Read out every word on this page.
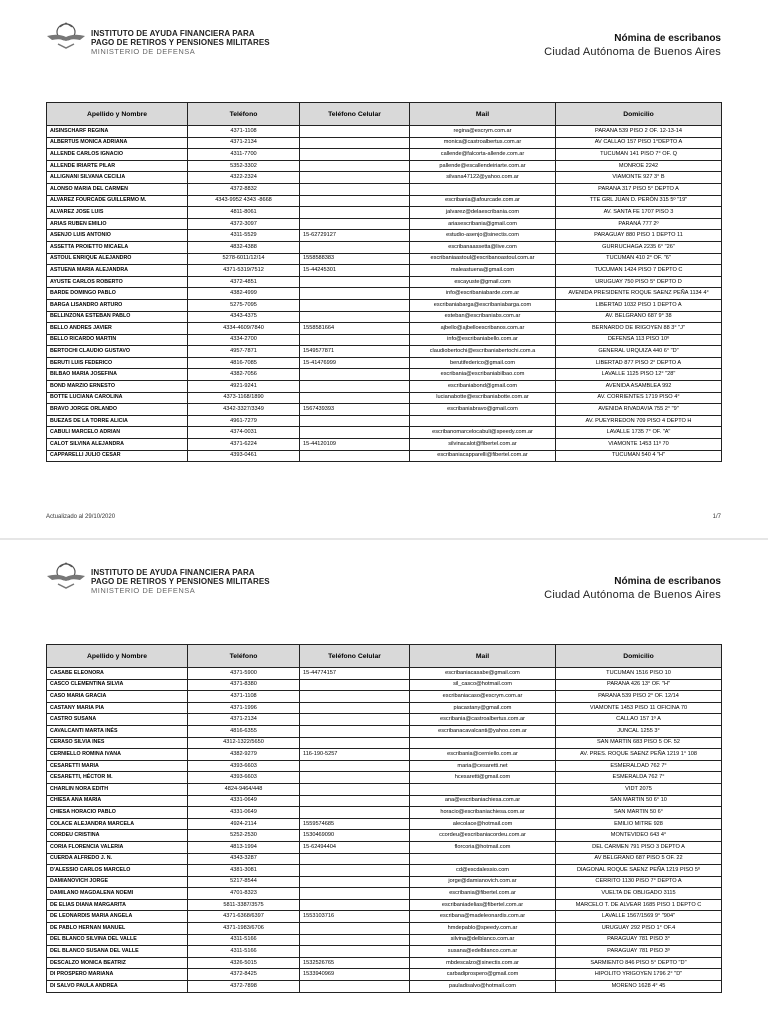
INSTITUTO DE AYUDA FINANCIERA PARA
PAGO DE RETIROS Y PENSIONES MILITARES
MINISTERIO DE DEFENSA
Nómina de escribanos
Ciudad Autónoma de Buenos Aires
Apellido y Nombre	Teléfono	Teléfono Celular	Mail	Domicilio
AISINSCHARF REGINA	4371-1108		regina@escrym.com.ar	PARANA 539 PISO 2 OF. 12-13-14
ALBERTUS MONICA ADRIANA	4371-2134		monica@castroalbertus.com.ar	AV CALLAO 157 PISO 1°DEPTO A
ALLENDE CARLOS IGNACIO	4311-7700		callende@falcorta-allende.com.ar	TUCUMAN 141 PISO 7° OF. Q
ALLENDE IRIARTE PILAR	5352-3302		pallende@escallendeiriarte.com.ar	MONROE 2242
ALLIGNANI SILVANA CECILIA	4322-2324		silvana47122@yahoo.com.ar	VIAMONTE 927 3° B
ALONSO MARIA DEL CARMEN	4372-8832			PARANA 317 PISO 5° DEPTO A
ALVAREZ FOURCADE GUILLERMO M.	4343-9952 4343 -8668		escribania@afourcade.com.ar	TTE GRL JUAN D. PERÓN 315 5º "19"
ALVAREZ JOSE LUIS	4811-8061		jalvarez@delaescribania.com	AV. SANTA FE 1707 PISO 3
ARIAS RUBEN EMILIO	4372-3097		ariasescribania@gmail.com	PARANÁ 777 2º
ASENJO LUIS ANTONIO	4311-5529	15-62729127	estudio-asenjo@sinectis.com	PARAGUAY 880 PISO 1 DEPTO 11
ASSETTA PROIETTO MICAELA	4832-4388		escribanaassetta@live.com	GURRUCHAGA 2235 6° "26"
ASTOUL ENRIQUE ALEJANDRO	5278-6011/12/14	1558588383	escribaniaastoul@escribanoastoul.com.ar	TUCUMAN 410 2° OF. "6"
ASTUENA MARIA ALEJANDRA	4371-5319/7512	15-44245301	maleastuena@gmail.com	TUCUMAN 1424 PISO 7 DEPTO C
AYUSTE CARLOS ROBERTO	4372-4851		escayuste@gmail.com	URUGUAY 750 PISO 5° DEPTO D
BARDE DOMINGO PABLO	4382-4999		info@escribaniabarde.com.ar	AVENIDA PRESIDENTE ROQUE SAENZ PEÑA 1134 4°
BARGA LISANDRO ARTURO	5275-7095		escribaniabarga@escribaniabarga.com	LIBERTAD 1032 PISO 1 DEPTO A
BELLINZONA ESTEBAN PABLO	4343-4375		esteban@escribaniabs.com.ar	AV. BELGRANO 687 9° 38
BELLO ANDRES JAVIER	4334-4609/7840	1558581664	ajbello@ajbelloescribanos.com.ar	BERNARDO DE IRIGOYEN 88 3° "J"
BELLO RICARDO MARTIN	4334-2700		info@escribaniabello.com.ar	DEFENSA 113 PISO 10º
BERTOCHI CLAUDIO GUSTAVO	4957-7871	1549577871	claudiobertochi@escribaniabertochi.com.a	GENERAL URQUIZA 440 6° "D"
BERUTI LUIS FEDERICO	4816-7085	15-41476999	berutifederico@gmail.com	LIBERTAD 877 PISO 2° DEPTO A
BILBAO MARIA JOSEFINA	4382-7056		escribania@escribaniabilbao.com	LAVALLE 1125 PISO 12° "28"
BOND MARZIO ERNESTO	4921-9241		escribaniabond@gmail.com	AVENIDA ASAMBLEA 992
BOTTE LUCIANA CAROLINA	4373-1168/1890		lucianabotte@escribaniabotte.com.ar	AV. CORRIENTES 1719 PISO 4°
BRAVO JORGE ORLANDO	4342-3327/3349	1567439393	escribaniabravo@gmail.com	AVENIDA RIVADAVIA 755 2° "9"
BUEZAS DE LA TORRE ALICIA	4961-7279			AV. PUEYRREDON 709 PISO 4 DEPTO H
CABULI MARCELO ADRIAN	4374-0031		escribanomarcelocabuli@speedy.com.ar	LAVALLE 1735 7° OF. "A"
CALOT SILVINA ALEJANDRA	4371-6224	15-44120109	silvinacalot@fibertel.com.ar	VIAMONTE 1453 11º 70
CAPPARELLI JULIO CESAR	4393-0461		escribaniacapparelli@fibertel.com.ar	TUCUMAN 540 4 "H"
Actualizado al 29/10/2020	1/7
INSTITUTO DE AYUDA FINANCIERA PARA
PAGO DE RETIROS Y PENSIONES MILITARES
MINISTERIO DE DEFENSA
Nómina de escribanos
Ciudad Autónoma de Buenos Aires
Apellido y Nombre	Teléfono	Teléfono Celular	Mail	Domicilio
CASABE ELEONORA	4371-5900	15-44774157	escribaniacasabe@gmail.com	TUCUMAN 1516 PISO 10
CASCO CLEMENTINA SILVIA	4371-8380		sil_casco@hotmail.com	PARANA 426 13° OF. "H"
CASO MARIA GRACIA	4371-1108		escribaniacaso@escrym.com.ar	PARANA 539 PISO 2° OF. 12/14
CASTANY MARIA PIA	4371-1996		piacastany@gmail.com	VIAMONTE 1453 PISO 11 OFICINA 70
CASTRO SUSANA	4371-2134		escribania@castroalbertus.com.ar	CALLAO 157 1º A
CAVALCANTI MARTA INÉS	4816-6355		escribanacavalcanti@yahoo.com.ar	JUNCAL 1255 3°
CERASO SILVIA INES	4312-1322/5650			SAN MARTIN 683 PISO 5 OF. 52
CERNIELLO ROMINA IVANA	4382-9279	116-190-5257	escribania@cerniello.com.ar	AV. PRES. ROQUE SAENZ PEÑA 1219 1° 108
CESARETTI MARIA	4393-6603		maria@cesaretti.net	ESMERALDAD 762 7°
CESARETTI, HÉCTOR M.	4393-6603		hcesaretti@gmail.com	ESMERALDA 762 7°
CHARLIN NORA EDITH	4824-9464/448			VIDT 2075
CHIESA ANA MARIA	4331-0649		ana@escribaniachiesa.com.ar	SAN MARTIN 50 6° 10
CHIESA HORACIO PABLO	4331-0649		horacio@escribaniachiesa.com.ar	SAN MARTIN 50 6°
COLACE ALEJANDRA MARCELA	4924-2114	1559574685	alecolace@hotmail.com	EMILIO MITRE 928
CORDEU CRISTINA	5252-2530	1530469090	ccordeu@escribaniacordeu.com.ar	MONTEVIDEO 643 4°
CORIA FLORENCIA VALERIA	4813-1994	15-62494404	florcoria@hotmail.com	DEL CARMEN 791 PISO 3 DEPTO A
CUERDA ALFREDO J. N.	4343-3287			AV BELGRANO 687 PISO 5 OF. 22
D'ALESSIO CARLOS MARCELO	4381-3081		cd@escdalessio.com	DIAGONAL ROQUE SAENZ PEÑA 1219 PISO 5º
DAMIANOVICH JORGE	5217-8544		jorge@damianovich.com.ar	CERRITO 1130 PISO 7° DEPTO A
DAMILANO MAGDALENA NOEMI	4701-8323		escribania@fibertel.com.ar	VUELTA DE OBLIGADO 3115
DE ELIAS DIANA MARGARITA	5811-3387/3575		escribaniadelias@fibertel.com.ar	MARCELO T. DE ALVEAR 1685 PISO 1 DEPTO C
DE LEONARDIS MARIA ANGELA	4371-6368/6397	1553103716	escribana@madeleonardis.com.ar	LAVALLE 1567/1569 9° "904"
DE PABLO HERNAN MANUEL	4371-1983/6706		hmdepablo@speedy.com.ar	URUGUAY 292 PISO 1° OF.4
DEL BLANCO SILVINA DEL VALLE	4311-5166		silvina@delblanco.com.ar	PARAGUAY 781 PISO 3°
DEL BLANCO SUSANA DEL VALLE	4311-5166		susana@edelblanco.com.ar	PARAGUAY 781 PISO 3º
DESCALZO MONICA BEATRIZ	4326-5015	1532526765	mbdescalzo@sinectis.com.ar	SARMIENTO 846 PISO 5° DEPTO "D"
DI PROSPERO MARIANA	4372-8425	1533940969	carbadiprospero@gmail.com	HIPOLITO YRIGOYEN 1796 2° "D"
DI SALVO PAULA ANDREA	4372-7898		pauladisalvo@hotmail.com	MORENO 1628 4° 45
